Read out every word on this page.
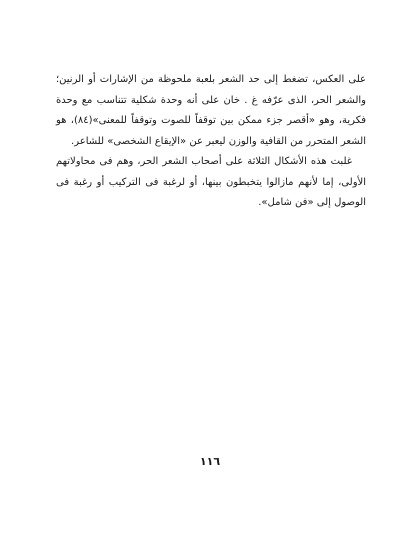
على العكس، تضغط إلى حد الشعر بلعبة ملحوظة من الإشارات أو الرنين؛ والشعر الحر، الذى عرّفه غ . خان على أنه وحدة شكلية تتناسب مع وحدة فكرية، وهو «أقصر جزء ممكن بين توقفاً للصوت وتوقفاً للمعنى»(٨٤)، هو الشعر المتحرر من القافية والوزن ليعبر عن «الإيقاع الشخصى» للشاعر.

غلبت هذه الأشكال الثلاثة على أصحاب الشعر الحر، وهم فى محاولاتهم الأولى، إما لأنهم مازالوا يتخبطون بينها، أو لرغبة فى التركيب أو رغبة فى الوصول إلى «فن شامل».

١١٦
